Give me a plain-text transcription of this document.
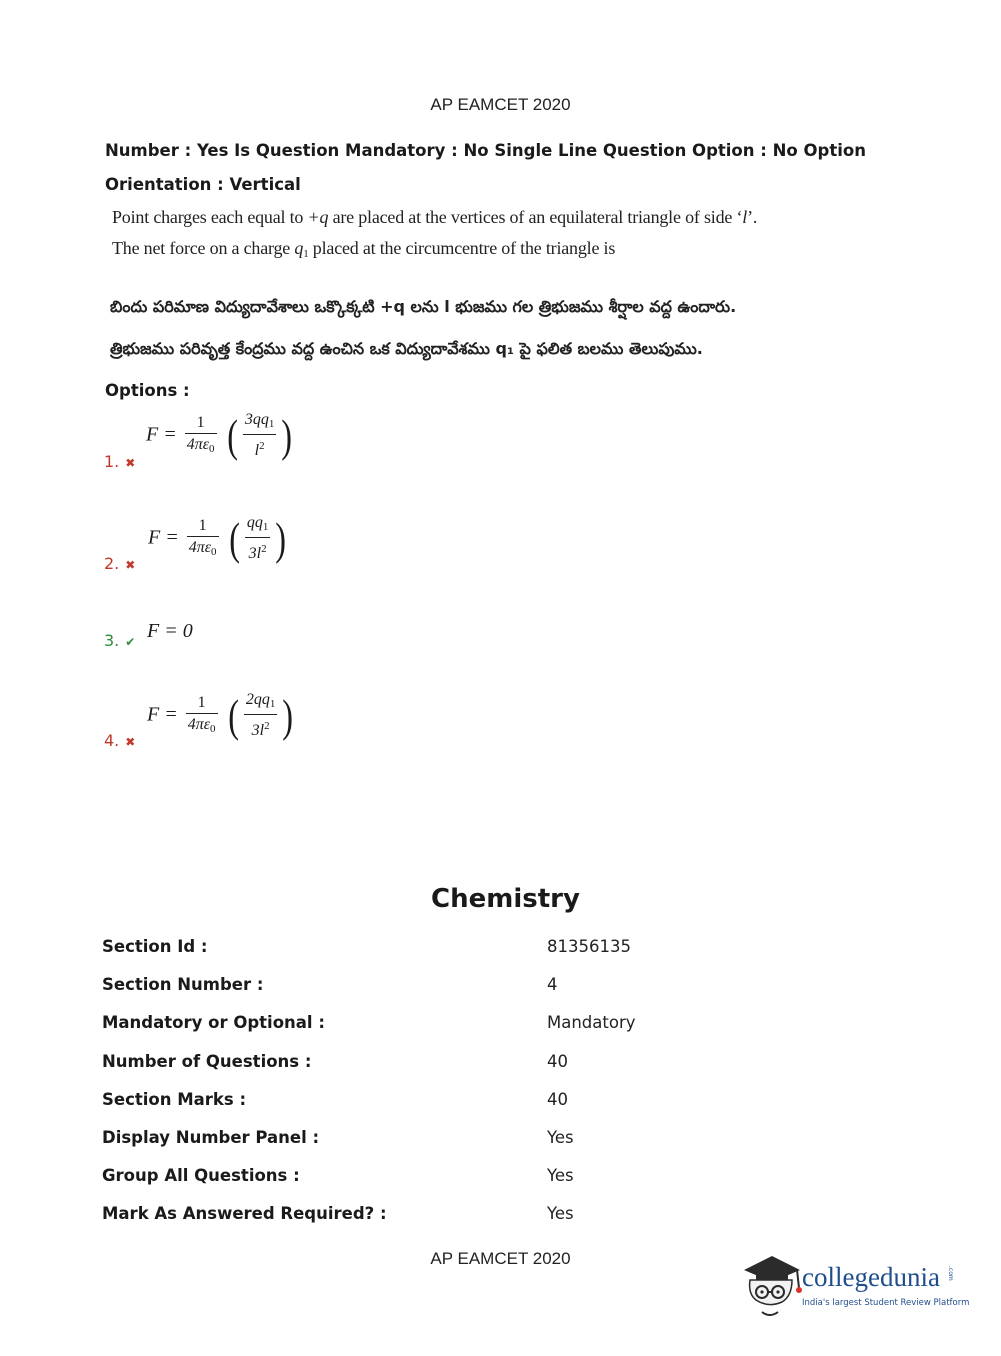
AP EAMCET 2020
Number : Yes Is Question Mandatory : No Single Line Question Option : No Option
Orientation : Vertical
Point charges each equal to +q are placed at the vertices of an equilateral triangle of side ‘l’.
The net force on a charge $q_1$ placed at the circumcentre of the triangle is
బిందు పరిమాణ విద్యుదావేశాలు ఒక్కొక్కటి +q లను l భుజము గల త్రిభుజము శీర్షాల వద్ద ఉందారు.
త్రిభుజము పరివృత్త కేంద్రము వద్ద ఉంచిన ఒక విద్యుదావేశము q₁ పై ఫలిత బలము తెలుపుము.
Options :
1. ✖
$F = \frac{1}{4\pi\varepsilon_0}$ ( $\frac{3qq_1}{l^2}$ )
2. ✖
$F = \frac{1}{4\pi\varepsilon_0}$ ( $\frac{qq_1}{3l^2}$ )
3. ✔ F = 0
4. ✖
$F = \frac{1}{4\pi\varepsilon_0}$ ( $\frac{2qq_1}{3l^2}$ )
Chemistry
Section Id :	81356135
Section Number :	4
Mandatory or Optional :	Mandatory
Number of Questions :	40
Section Marks :	40
Display Number Panel :	Yes
Group All Questions :	Yes
Mark As Answered Required? :	Yes
AP EAMCET 2020
collegedunia .com
India's largest Student Review Platform
